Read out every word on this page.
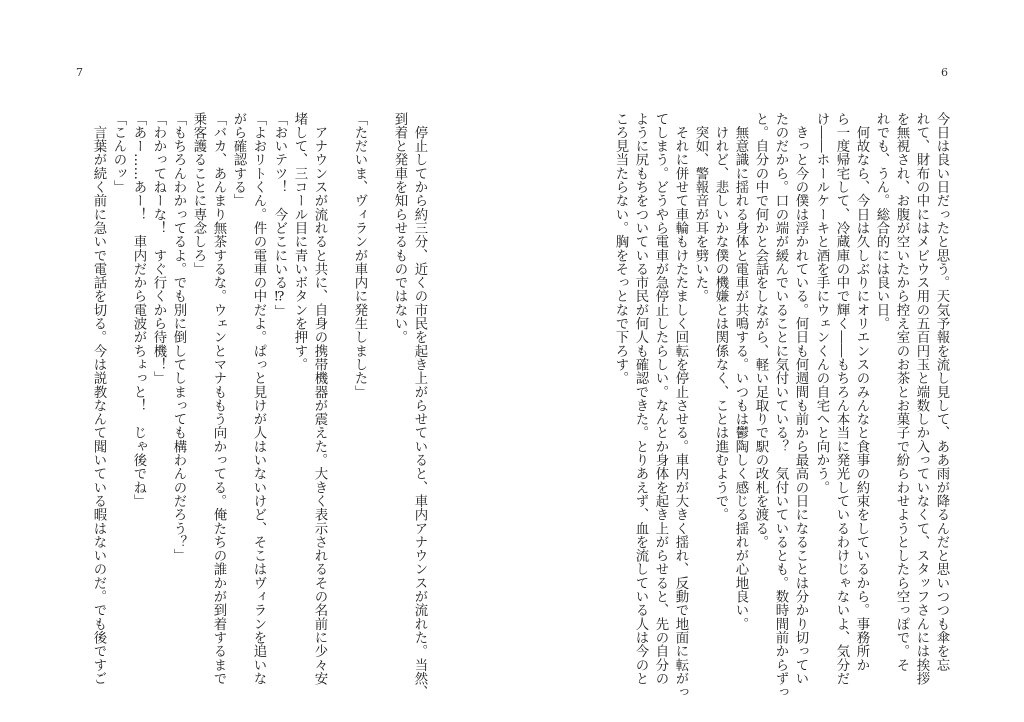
7	6
今日は良い日だったと思う。天気予報を流し見して、ああ雨が降るんだと思いつつも傘を忘
れて、財布の中にはメビウス用の五百円玉と端数しか入っていなくて、スタッフさんには挨拶
を無視され、お腹が空いたから控え室のお茶とお菓子で紛らわせようとしたら空っぽで。そ
れでも、うん。総合的には良い日。
　何故なら、今日は久しぶりにオリエンスのみんなと食事の約束をしているから。事務所か
ら一度帰宅して、冷蔵庫の中で輝く――もちろん本当に発光しているわけじゃないよ、気分だ
け――ホールケーキと酒を手にウェンくんの自宅へと向かう。
　きっと今の僕は浮かれている。何日も何週間も前から最高の日になることは分かり切ってい
たのだから。口の端が緩んでいることに気付いている？　気付いているとも。数時間前からずっ
と。自分の中で何かと会話をしながら、軽い足取りで駅の改札を渡る。
　無意識に揺れる身体と電車が共鳴する。いつもは鬱陶しく感じる揺れが心地良い。
　けれど、悲しいかな僕の機嫌とは関係なく、ことは進むようで。
　突如、警報音が耳を劈いた。
　それに併せて車輪もけたたましく回転を停止させる。車内が大きく揺れ、反動で地面に転がっ
てしまう。どうやら電車が急停止したらしい。なんとか身体を起き上がらせると、先の自分の
ように尻もちをついている市民が何人も確認できた。とりあえず、血を流している人は今のと
ころ見当たらない。胸をそっとなで下ろす。
　停止してから約三分、近くの市民を起き上がらせていると、車内アナウンスが流れた。当然、
到着と発車を知らせるものではない。
「ただいま、ヴィランが車内に発生しました」
　アナウンスが流れると共に、自身の携帯機器が震えた。大きく表示されるその名前に少々安
堵して、三コール目に青いボタンを押す。
「おいテツ！　今どこにいる⁉」
「よおリトくん。件の電車の中だよ。ぱっと見けが人はいないけど、そこはヴィランを追いな
がら確認する」
「バカ、あんまり無茶するな。ウェンとマナももう向かってる。俺たちの誰かが到着するまで
乗客護ることに専念しろ」
「もちろんわかってるよ。でも別に倒してしまっても構わんのだろう？」
「わかってねーな！　すぐ行くから待機！」
「あー……あー！　車内だから電波がちょっと！　じゃ後でね」
「こんのッ」
　言葉が続く前に急いで電話を切る。今は説教なんて聞いている暇はないのだ。でも後ですご
